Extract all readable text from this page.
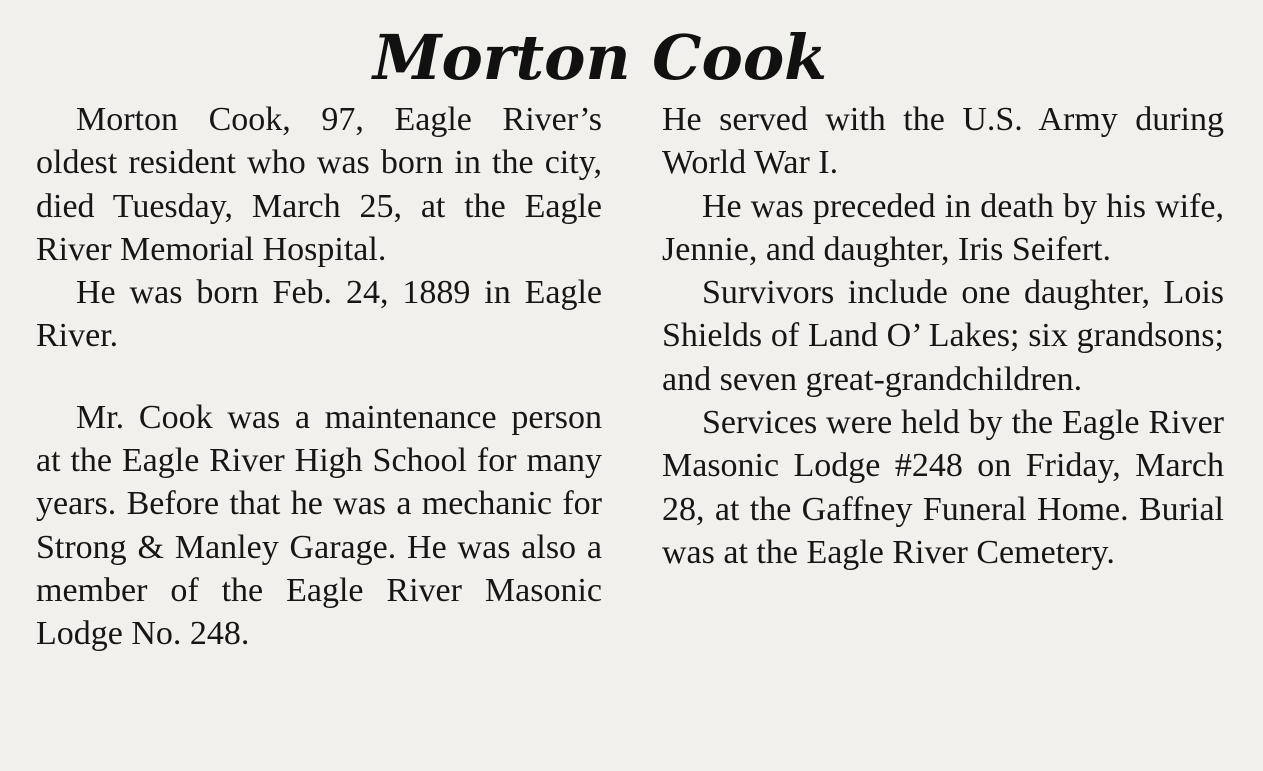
Morton Cook

Morton Cook, 97, Eagle River’s oldest resident who was born in the city, died Tuesday, March 25, at the Eagle River Memorial Hospital.

He was born Feb. 24, 1889 in Eagle River.

Mr. Cook was a maintenance person at the Eagle River High School for many years. Before that he was a mechanic for Strong & Manley Garage. He was also a member of the Eagle River Masonic Lodge No. 248.

He served with the U.S. Army during World War I.

He was preceded in death by his wife, Jennie, and daughter, Iris Seifert.

Survivors include one daughter, Lois Shields of Land O’ Lakes; six grandsons; and seven great-grandchildren.

Services were held by the Eagle River Masonic Lodge #248 on Friday, March 28, at the Gaffney Funeral Home. Burial was at the Eagle River Cemetery.
